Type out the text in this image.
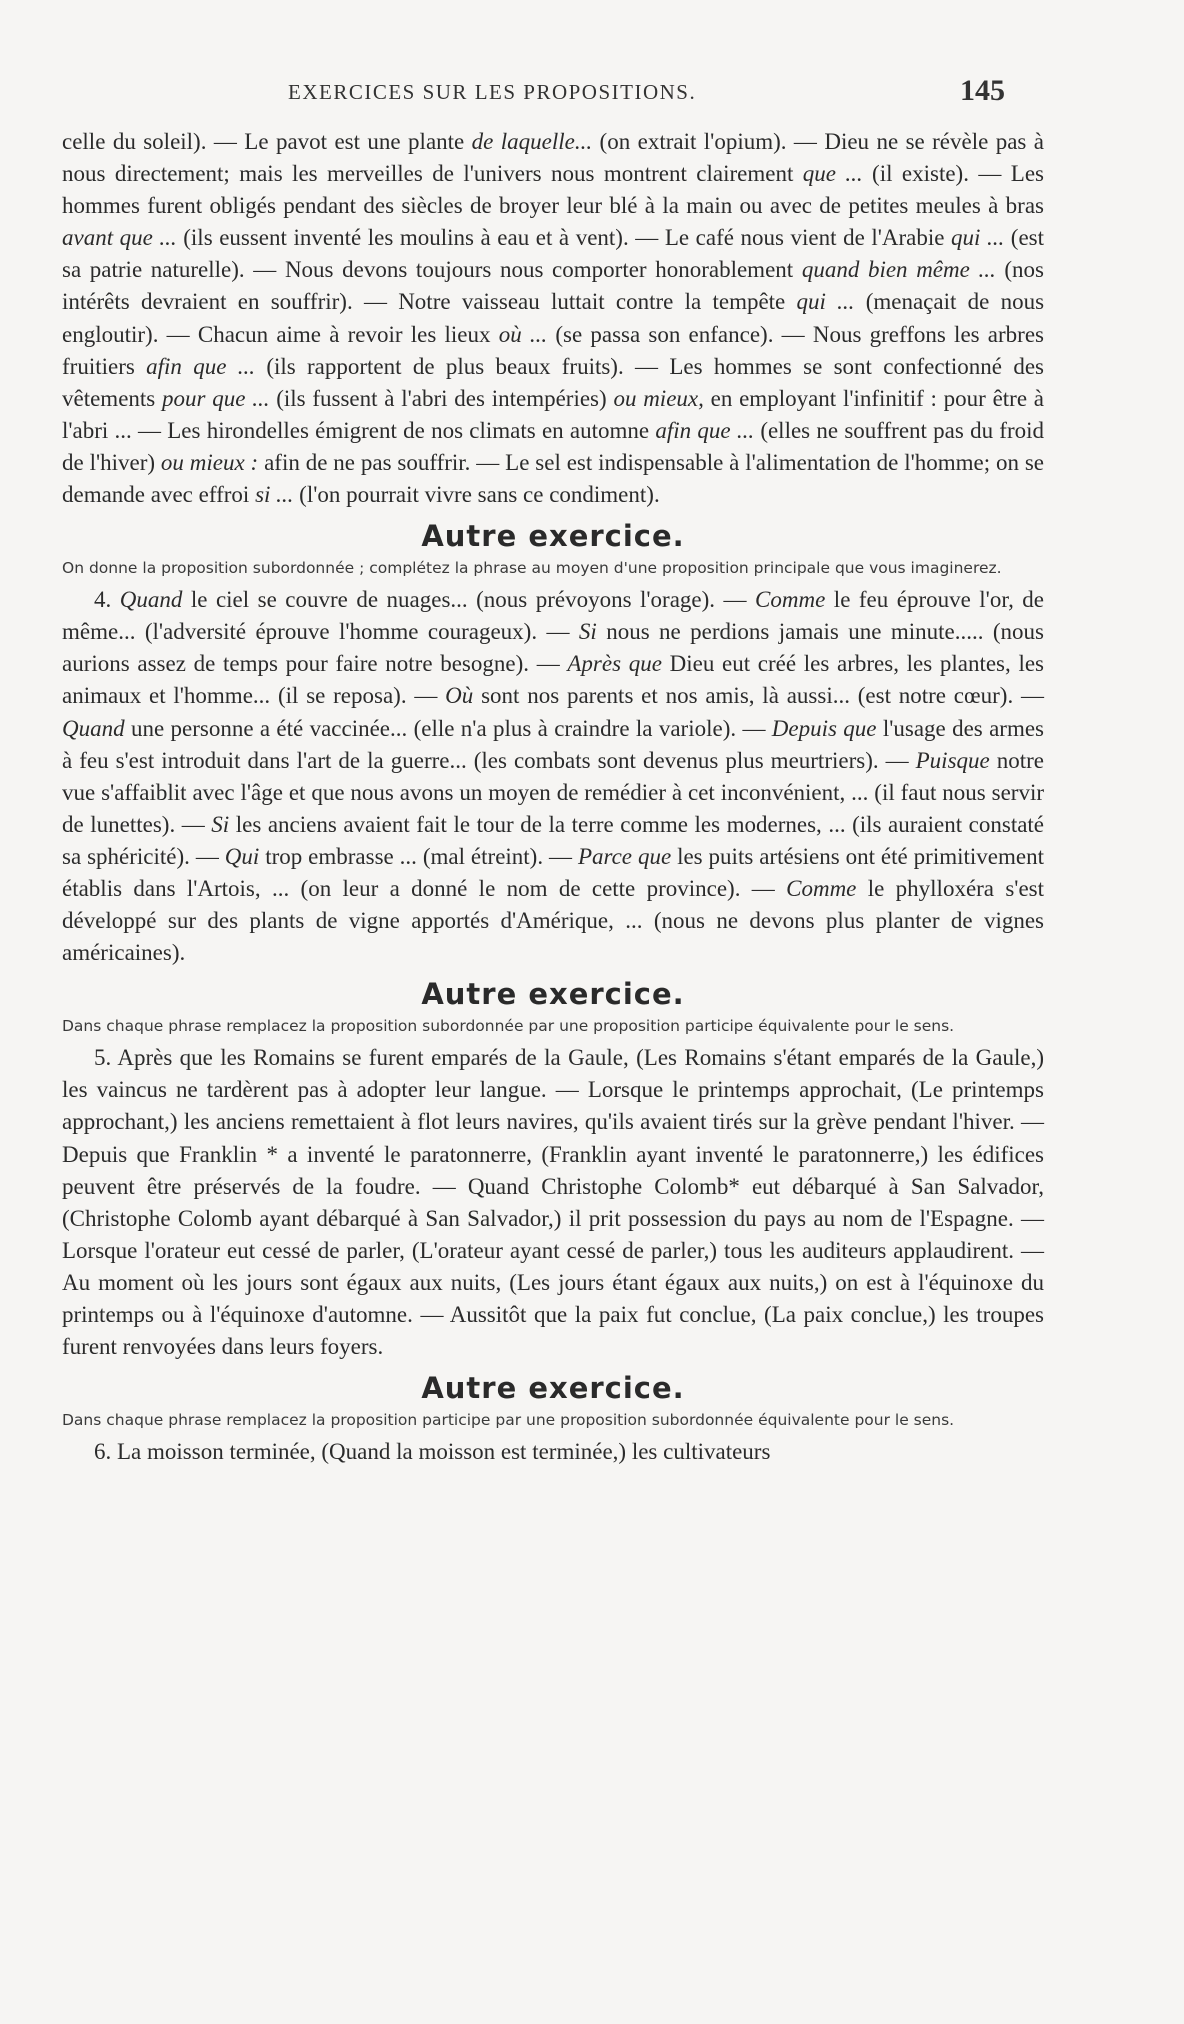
EXERCICES SUR LES PROPOSITIONS.	145

celle du soleil). — Le pavot est une plante de laquelle... (on extrait l'opium). — Dieu ne se révèle pas à nous directement; mais les merveilles de l'univers nous montrent clairement que ... (il existe). — Les hommes furent obligés pendant des siècles de broyer leur blé à la main ou avec de petites meules à bras avant que ... (ils eussent inventé les moulins à eau et à vent). — Le café nous vient de l'Arabie qui ... (est sa patrie naturelle). — Nous devons toujours nous comporter honorablement quand bien même ... (nos intérêts devraient en souffrir). — Notre vaisseau luttait contre la tempête qui ... (menaçait de nous engloutir). — Chacun aime à revoir les lieux où ... (se passa son enfance). — Nous greffons les arbres fruitiers afin que ... (ils rapportent de plus beaux fruits). — Les hommes se sont confectionné des vêtements pour que ... (ils fussent à l'abri des intempéries) ou mieux, en employant l'infinitif : pour être à l'abri ... — Les hirondelles émigrent de nos climats en automne afin que ... (elles ne souffrent pas du froid de l'hiver) ou mieux : afin de ne pas souffrir. — Le sel est indispensable à l'alimentation de l'homme; on se demande avec effroi si ... (l'on pourrait vivre sans ce condiment).

Autre exercice.

On donne la proposition subordonnée ; complétez la phrase au moyen d'une proposition principale que vous imaginerez.

4. Quand le ciel se couvre de nuages... (nous prévoyons l'orage). — Comme le feu éprouve l'or, de même... (l'adversité éprouve l'homme courageux). — Si nous ne perdions jamais une minute..... (nous aurions assez de temps pour faire notre besogne). — Après que Dieu eut créé les arbres, les plantes, les animaux et l'homme... (il se reposa). — Où sont nos parents et nos amis, là aussi... (est notre cœur). — Quand une personne a été vaccinée... (elle n'a plus à craindre la variole). — Depuis que l'usage des armes à feu s'est introduit dans l'art de la guerre... (les combats sont devenus plus meurtriers). — Puisque notre vue s'affaiblit avec l'âge et que nous avons un moyen de remédier à cet inconvénient, ... (il faut nous servir de lunettes). — Si les anciens avaient fait le tour de la terre comme les modernes, ... (ils auraient constaté sa sphéricité). — Qui trop embrasse ... (mal étreint). — Parce que les puits artésiens ont été primitivement établis dans l'Artois, ... (on leur a donné le nom de cette province). — Comme le phylloxéra s'est développé sur des plants de vigne apportés d'Amérique, ... (nous ne devons plus planter de vignes américaines).

Autre exercice.

Dans chaque phrase remplacez la proposition subordonnée par une proposition participe équivalente pour le sens.

5. Après que les Romains se furent emparés de la Gaule, (Les Romains s'étant emparés de la Gaule,) les vaincus ne tardèrent pas à adopter leur langue. — Lorsque le printemps approchait, (Le printemps approchant,) les anciens remettaient à flot leurs navires, qu'ils avaient tirés sur la grève pendant l'hiver. — Depuis que Franklin * a inventé le paratonnerre, (Franklin ayant inventé le paratonnerre,) les édifices peuvent être préservés de la foudre. — Quand Christophe Colomb* eut débarqué à San Salvador, (Christophe Colomb ayant débarqué à San Salvador,) il prit possession du pays au nom de l'Espagne. — Lorsque l'orateur eut cessé de parler, (L'orateur ayant cessé de parler,) tous les auditeurs applaudirent. — Au moment où les jours sont égaux aux nuits, (Les jours étant égaux aux nuits,) on est à l'équinoxe du printemps ou à l'équinoxe d'automne. — Aussitôt que la paix fut conclue, (La paix conclue,) les troupes furent renvoyées dans leurs foyers.

Autre exercice.

Dans chaque phrase remplacez la proposition participe par une proposition subordonnée équivalente pour le sens.

6. La moisson terminée, (Quand la moisson est terminée,) les cultivateurs
